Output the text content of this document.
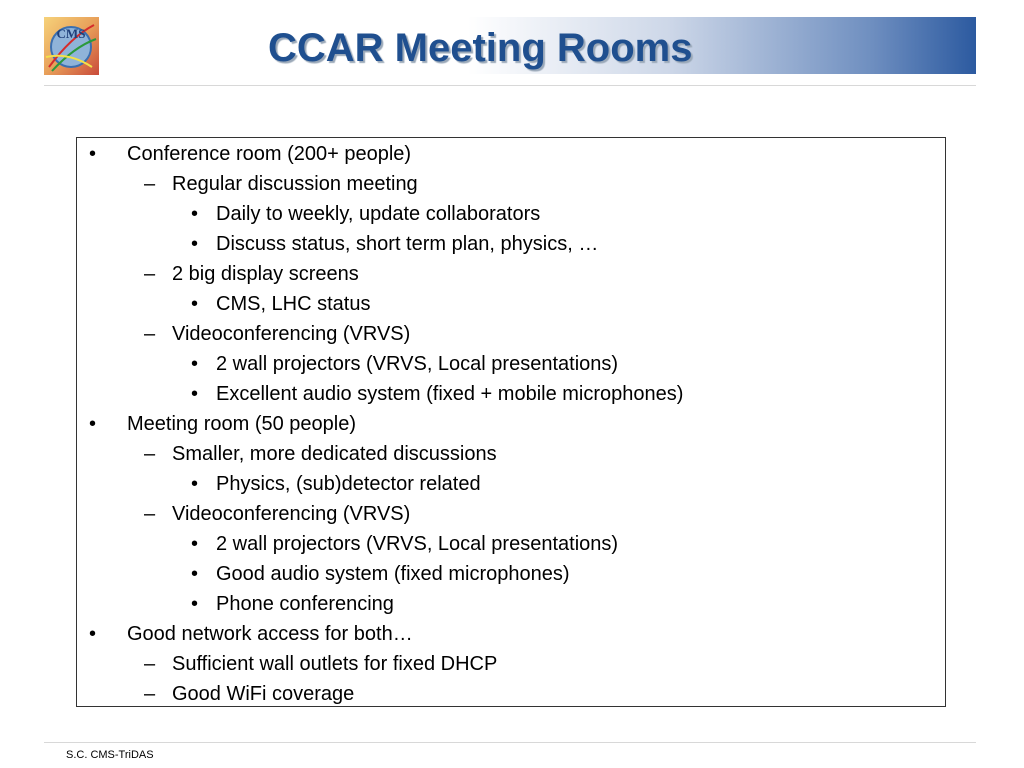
CMS	CCAR Meeting Rooms
• Conference room (200+ people)
– Regular discussion meeting
• Daily to weekly, update collaborators
• Discuss status, short term plan, physics, …
– 2 big display screens
• CMS, LHC status
– Videoconferencing (VRVS)
• 2 wall projectors (VRVS, Local presentations)
• Excellent audio system (fixed + mobile microphones)
• Meeting room (50 people)
– Smaller, more dedicated discussions
• Physics, (sub)detector related
– Videoconferencing (VRVS)
• 2 wall projectors (VRVS, Local presentations)
• Good audio system (fixed microphones)
• Phone conferencing
• Good network access for both…
– Sufficient wall outlets for fixed DHCP
– Good WiFi coverage
S.C. CMS-TriDAS
